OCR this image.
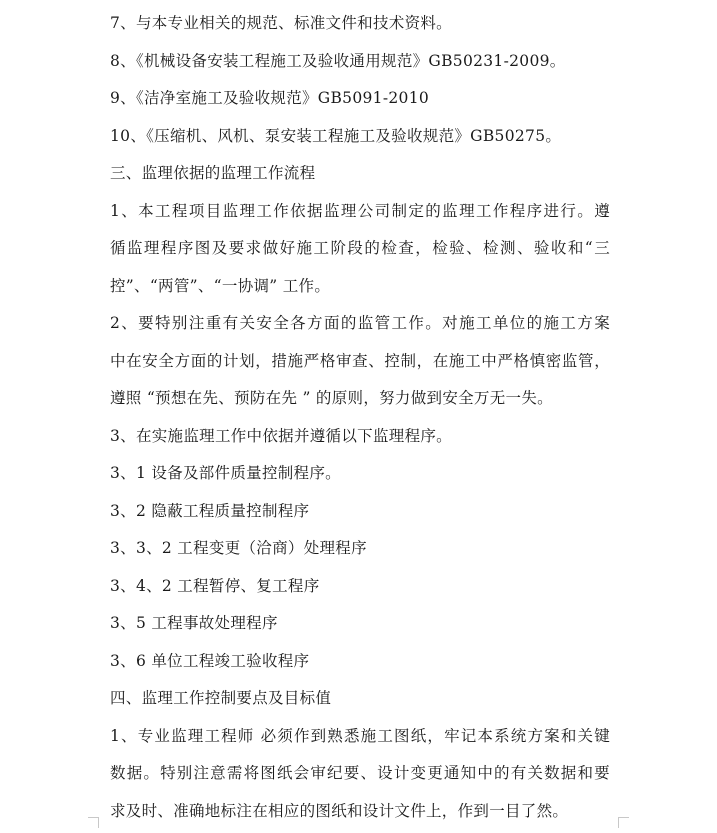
7、与本专业相关的规范、标准文件和技术资料。
8、《机械设备安装工程施工及验收通用规范》GB50231-2009。
9、《洁净室施工及验收规范》GB5091-2010
10、《压缩机、风机、泵安装工程施工及验收规范》GB50275。
三、监理依据的监理工作流程
1、本工程项目监理工作依据监理公司制定的监理工作程序进行。遵
循监理程序图及要求做好施工阶段的检查，检验、检测、验收和“三
控”、“两管”、“一协调” 工作。
2、要特别注重有关安全各方面的监管工作。对施工单位的施工方案
中在安全方面的计划，措施严格审查、控制，在施工中严格慎密监管，
遵照 “预想在先、预防在先 ” 的原则，努力做到安全万无一失。
3、在实施监理工作中依据并遵循以下监理程序。
3、1 设备及部件质量控制程序。
3、2 隐蔽工程质量控制程序
3、3、2 工程变更（洽商）处理程序
3、4、2 工程暂停、复工程序
3、5 工程事故处理程序
3、6 单位工程竣工验收程序
四、监理工作控制要点及目标值
1、专业监理工程师 必须作到熟悉施工图纸，牢记本系统方案和关键
数据。特别注意需将图纸会审纪要、设计变更通知中的有关数据和要
求及时、准确地标注在相应的图纸和设计文件上，作到一目了然。
